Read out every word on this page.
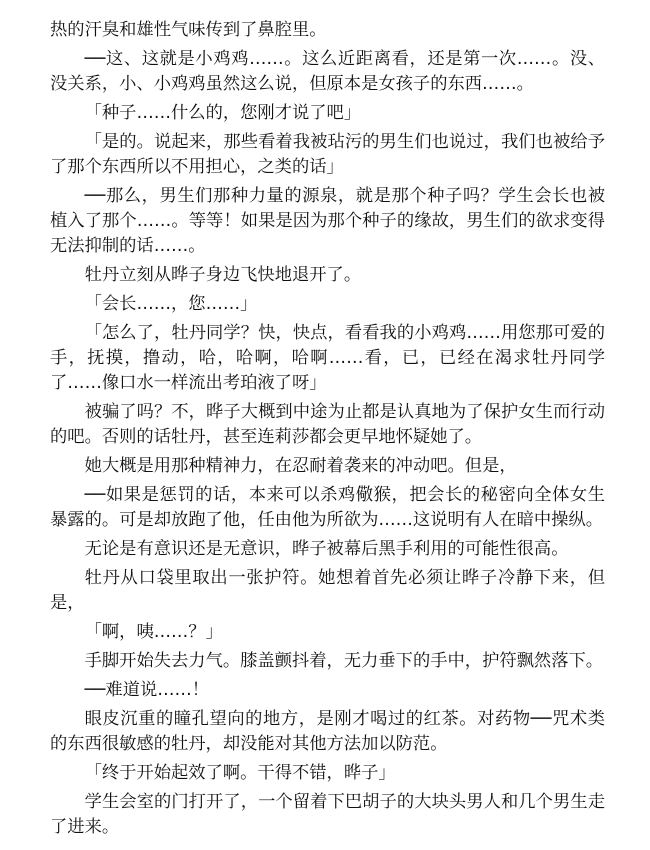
热的汗臭和雄性气味传到了鼻腔里。

──这、这就是小鸡鸡……。这么近距离看，还是第一次……。没、没关系，小、小鸡鸡虽然这么说，但原本是女孩子的东西……。

「种子……什么的，您刚才说了吧」

「是的。说起来，那些看着我被玷污的男生们也说过，我们也被给予了那个东西所以不用担心，之类的话」

──那么，男生们那种力量的源泉，就是那个种子吗？学生会长也被植入了那个……。等等！如果是因为那个种子的缘故，男生们的欲求变得无法抑制的话……。

牡丹立刻从晔子身边飞快地退开了。

「会长……，您……」

「怎么了，牡丹同学？快，快点，看看我的小鸡鸡……用您那可爱的手，抚摸，撸动，哈，哈啊，哈啊……看，已，已经在渴求牡丹同学了……像口水一样流出考珀液了呀」

被骗了吗？不，晔子大概到中途为止都是认真地为了保护女生而行动的吧。否则的话牡丹，甚至连莉莎都会更早地怀疑她了。

她大概是用那种精神力，在忍耐着袭来的冲动吧。但是，

──如果是惩罚的话，本来可以杀鸡儆猴，把会长的秘密向全体女生暴露的。可是却放跑了他，任由他为所欲为……这说明有人在暗中操纵。

无论是有意识还是无意识，晔子被幕后黑手利用的可能性很高。

牡丹从口袋里取出一张护符。她想着首先必须让晔子冷静下来，但是，

「啊，咦……？」

手脚开始失去力气。膝盖颤抖着，无力垂下的手中，护符飘然落下。

──难道说……！

眼皮沉重的瞳孔望向的地方，是刚才喝过的红茶。对药物──咒术类的东西很敏感的牡丹，却没能对其他方法加以防范。

「终于开始起效了啊。干得不错，晔子」

学生会室的门打开了，一个留着下巴胡子的大块头男人和几个男生走了进来。
